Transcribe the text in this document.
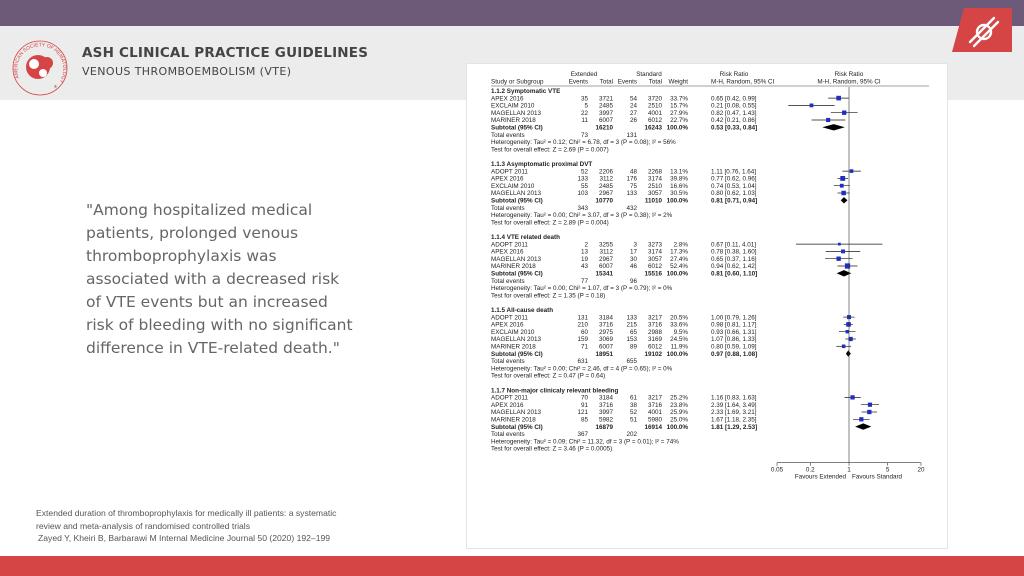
AMERICAN SOCIETY OF HEMATOLOGY
®
ASH CLINICAL PRACTICE GUIDELINES
VENOUS THROMBOEMBOLISM (VTE)
"Among hospitalized medical patients, prolonged venous thromboprophylaxis was associated with a decreased risk of VTE events but an increased risk of bleeding with no significant difference in VTE-related death."
Extended duration of thromboprophylaxis for medically ill patients: a systematic
review and meta-analysis of randomised controlled trials
Zayed Y, Kheiri B, Barbarawi M Internal Medicine Journal 50 (2020) 192–199
Extended	Standard	Risk Ratio	Risk Ratio
Study or Subgroup	Events Total Events Total Weight	M-H, Random, 95% CI	M-H, Random, 95% CI
1.1.2 Symptomatic VTE
APEX 2016	35 3721	54 3720 33.7%	0.65 [0.42, 0.99]
EXCLAIM 2010	5 2485	24 2510 15.7%	0.21 [0.08, 0.55]
MAGELLAN 2013	22 3997	27 4001 27.9%	0.82 [0.47, 1.43]
MARINER 2018	11 6007	26 6012 22.7%	0.42 [0.21, 0.86]
Subtotal (95% CI)	16210	16243 100.0%	0.53 [0.33, 0.84]
Total events	73	131
Heterogeneity: Tau² = 0.12; Chi² = 6.78, df = 3 (P = 0.08); I² = 56%
Test for overall effect: Z = 2.69 (P = 0.007)
1.1.3 Asymptomatic proximal DVT
ADOPT 2011	52 2206	48 2268 13.1%	1.11 [0.76, 1.64]
APEX 2016	133 3112 176 3174 39.8%	0.77 [0.62, 0.96]
EXCLAIM 2010	55 2485	75 2510 16.6%	0.74 [0.53, 1.04]
MAGELLAN 2013	103 2967 133 3057 30.5%	0.80 [0.62, 1.03]
Subtotal (95% CI)	10770	11010 100.0%	0.81 [0.71, 0.94]
Total events	343	432
Heterogeneity: Tau² = 0.00; Chi² = 3.07, df = 3 (P = 0.38); I² = 2%
Test for overall effect: Z = 2.89 (P = 0.004)
1.1.4 VTE related death
ADOPT 2011	2 3255	3 3273 2.8%	0.67 [0.11, 4.01]
APEX 2016	13 3112	17 3174 17.3%	0.78 [0.38, 1.60]
MAGELLAN 2013	19 2967	30 3057 27.4%	0.65 [0.37, 1.16]
MARINER 2018	43 6007	46 6012 52.4%	0.94 [0.62, 1.42]
Subtotal (95% CI)	15341	15516 100.0%	0.81 [0.60, 1.10]
Total events	77	96
Heterogeneity: Tau² = 0.00; Chi² = 1.07, df = 3 (P = 0.79); I² = 0%
Test for overall effect: Z = 1.35 (P = 0.18)
1.1.5 All-cause death
ADOPT 2011	131 3184 133 3217 20.5%	1.00 [0.79, 1.26]
APEX 2016	210 3716 215 3716 33.6%	0.98 [0.81, 1.17]
EXCLAIM 2010	60 2975	65 2988 9.5%	0.93 [0.66, 1.31]
MAGELLAN 2013	159 3069 153 3169 24.5%	1.07 [0.86, 1.33]
MARINER 2018	71 6007	89 6012 11.9%	0.80 [0.59, 1.09]
Subtotal (95% CI)	18951	19102 100.0%	0.97 [0.88, 1.08]
Total events	631	655
Heterogeneity: Tau² = 0.00; Chi² = 2.46, df = 4 (P = 0.65); I² = 0%
Test for overall effect: Z = 0.47 (P = 0.64)
1.1.7 Non-major clinicaly relevant bleeding
ADOPT 2011	70 3184	61 3217 25.2%	1.16 [0.83, 1.63]
APEX 2016	91 3716	38 3716 23.8%	2.39 [1.64, 3.49]
MAGELLAN 2013	121 3997	52 4001 25.9%	2.33 [1.69, 3.21]
MARINER 2018	85 5982	51 5980 25.0%	1.67 [1.18, 2.35]
Subtotal (95% CI)	16879	16914 100.0%	1.81 [1.29, 2.53]
Total events	367	202
Heterogeneity: Tau² = 0.09; Chi² = 11.32, df = 3 (P = 0.01); I² = 74%
Test for overall effect: Z = 3.46 (P = 0.0005)
0.05	0.2	1	5	20
Favours Extended Favours Standard
